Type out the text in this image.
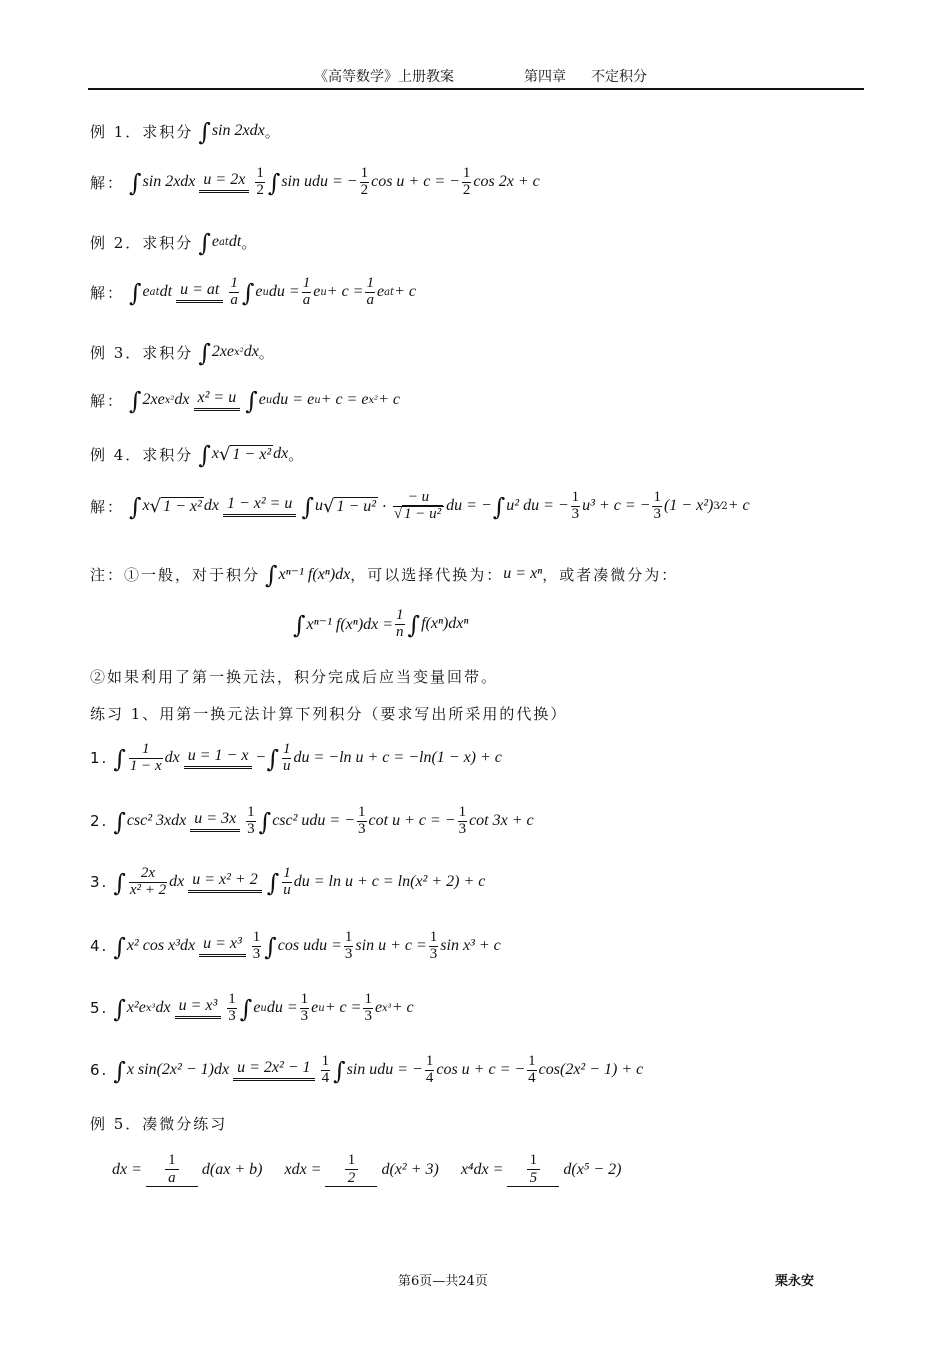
《高等数学》上册教案	第四章 不定积分
例 1．求积分 ∫ sin 2xdx 。
解： ∫ sin 2xdx $u = 2x \frac{1}{2}$ ∫ sin udu = − $\frac{1}{2}$ cos u + c = − $\frac{1}{2}$ cos 2x + c
例 2．求积分 ∫ e at dt 。
解： ∫ e at dt u = at $\frac{1}{a}$ ∫ e u du = $\frac{1}{a}$ e $u + c = \frac{1}{a}$ e at + c
例 3．求积分 ∫ 2xe x² dx 。
解： ∫ 2xe x² dx x² = u ∫ e u du = e u + c = e x² + c
例 4．求积分 ∫ x √ 1 − x² dx 。
解： ∫ x √ 1 − x² dx 1 − x² = u ∫ u √ $1 - u^2 \cdot \frac{- u}{\text{√ 1 − u²}}$ du = − ∫ u² du = − $\frac{1}{3} u^3 + c$ = − $\frac{1}{3} (1 - x^2)$ 3⁄2 + c
注：①一般，对于积分 ∫ xⁿ⁻¹ f(xⁿ)dx ，可以选择代换为： u = xⁿ ，或者凑微分为：
∫ xⁿ⁻¹ $f(x^n)dx = \frac{1}{n}$ ∫ f(xⁿ)dxⁿ
②如果利用了第一换元法，积分完成后应当变量回带。
练习 1、用第一换元法计算下列积分（要求写出所采用的代换）
1. ∫ $\frac{1}{1 - x}$ dx u = 1 − x − ∫ $\frac{1}{u}$ du = −ln u + c = −ln(1 − x) + c
2. ∫ csc² 3xdx $u = 3x \frac{1}{3}$ ∫ csc² udu = − $\frac{1}{3}$ cot u + c = − $\frac{1}{3}$ cot 3x + c
3. ∫ $\frac{2x}{\text{x² + 2}}$ dx u = x² + 2 ∫ $\frac{1}{u}$ du = ln u + c = ln(x² + 2) + c
4. ∫ x² cos x³dx $u = x^3 \frac{1}{3}$ ∫ cos udu = $\frac{1}{3}$ $\sin u + c = \frac{1}{3}$ sin x³ + c
5. ∫ x²e x³ dx $u = x^3 \frac{1}{3}$ ∫ e u du = $\frac{1}{3}$ e $u + c = \frac{1}{3}$ e x³ + c
6. ∫ x sin(2x² − 1)dx $u = 2x^2 - 1 \frac{1}{4}$ ∫ sin udu = − $\frac{1}{4}$ cos u + c = − $\frac{1}{4} \cos(2x^2 - 1) + c$
例 5．凑微分练习
dx = $\frac{1}{a} d(ax + b)$ xdx = $\frac{1}{2} d(x^2 + 3) x^4dx = \frac{1}{5} d(x^5 - 2)$
第6页—共24页	栗永安
